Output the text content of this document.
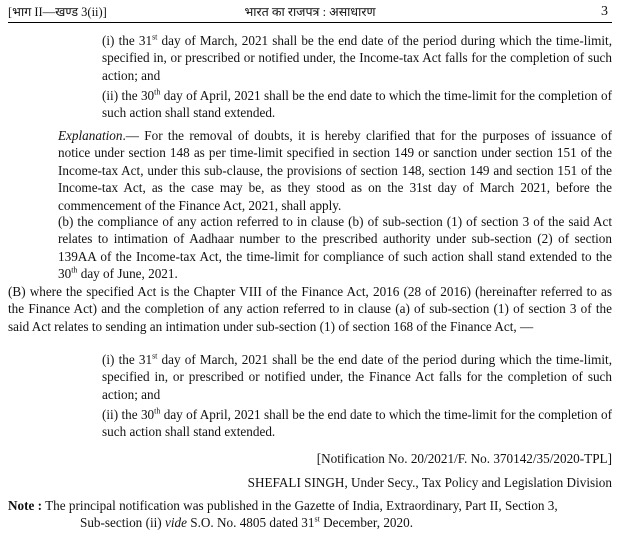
[भाग II—खण्ड 3(ii)]	भारत का राजपत्र : असाधारण	3

(i) the 31st day of March, 2021 shall be the end date of the period during which the time-limit, specified in, or prescribed or notified under, the Income-tax Act falls for the completion of such action; and

(ii) the 30th day of April, 2021 shall be the end date to which the time-limit for the completion of such action shall stand extended.

Explanation.— For the removal of doubts, it is hereby clarified that for the purposes of issuance of notice under section 148 as per time-limit specified in section 149 or sanction under section 151 of the Income-tax Act, under this sub-clause, the provisions of section 148, section 149 and section 151 of the Income-tax Act, as the case may be, as they stood as on the 31st day of March 2021, before the commencement of the Finance Act, 2021, shall apply.

(b) the compliance of any action referred to in clause (b) of sub-section (1) of section 3 of the said Act relates to intimation of Aadhaar number to the prescribed authority under sub-section (2) of section 139AA of the Income-tax Act, the time-limit for compliance of such action shall stand extended to the 30th day of June, 2021.

(B) where the specified Act is the Chapter VIII of the Finance Act, 2016 (28 of 2016) (hereinafter referred to as the Finance Act) and the completion of any action referred to in clause (a) of sub-section (1) of section 3 of the said Act relates to sending an intimation under sub-section (1) of section 168 of the Finance Act, —

(i) the 31st day of March, 2021 shall be the end date of the period during which the time-limit, specified in, or prescribed or notified under, the Finance Act falls for the completion of such action; and

(ii) the 30th day of April, 2021 shall be the end date to which the time-limit for the completion of such action shall stand extended.

[Notification No. 20/2021/F. No. 370142/35/2020-TPL]
SHEFALI SINGH, Under Secy., Tax Policy and Legislation Division
Note : The principal notification was published in the Gazette of India, Extraordinary, Part II, Section 3,
Sub-section (ii) vide S.O. No. 4805 dated 31st December, 2020.
